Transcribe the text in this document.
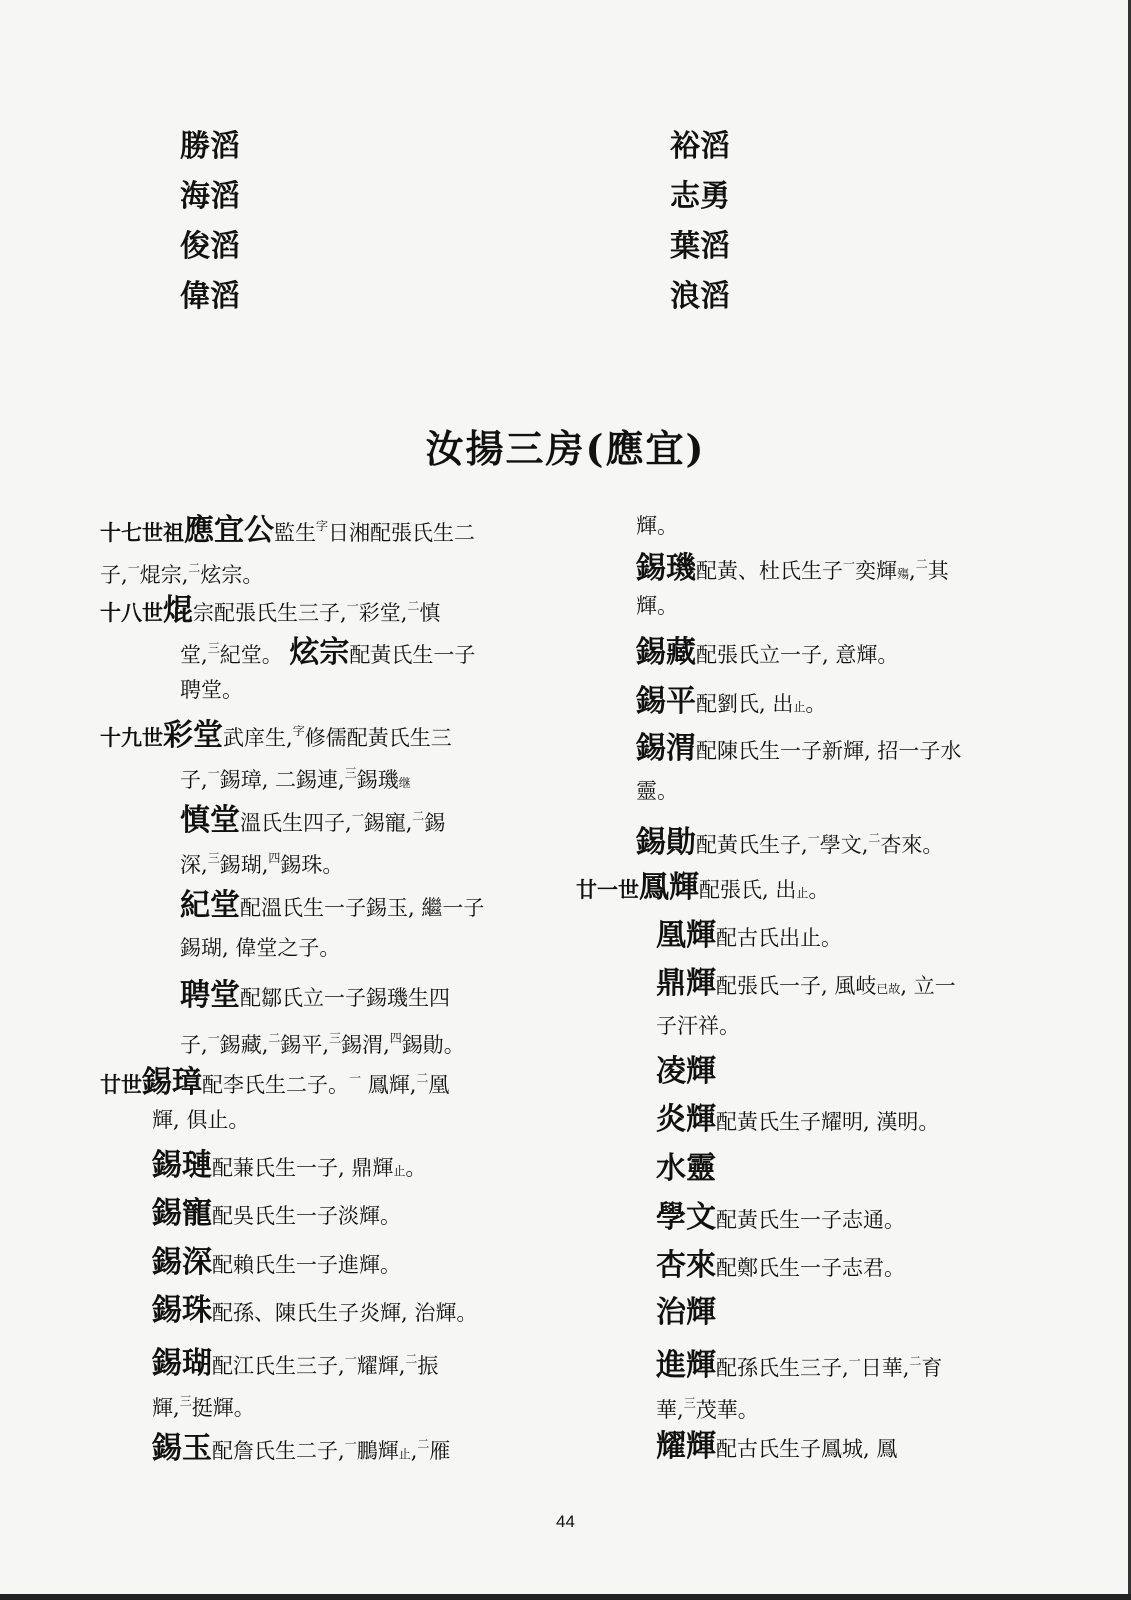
勝滔
海滔
俊滔
偉滔
裕滔
志勇
葉滔
浪滔
汝揚三房(應宜)
十七世祖應宜公監生$^字$日湘配張氏生二
子,$^一$焜宗,$^二$炫宗。
十八世焜宗配張氏生三子,$^一$彩堂,$^二$慎
堂,$^三$紀堂。 炫宗配黃氏生一子
聘堂。
十九世彩堂武庠生,$^字$修儒配黃氏生三
子,$^一$錫璋, 二錫連,$^三$錫璣继
慎堂溫氏生四子,$^一$錫寵,$^二$錫
深,$^三$錫瑚,$^四$錫珠。
紀堂配溫氏生一子錫玉, 繼一子
錫瑚, 偉堂之子。
聘堂配鄒氏立一子錫璣生四
子,$^一$錫藏,$^二$錫平,$^三$錫渭,$^四$錫勛。
廿世錫璋配李氏生二子。$^一$ 鳳輝,$^二$凰
輝, 俱止。
錫璉配蒹氏生一子, 鼎輝止。
錫寵配吳氏生一子淡輝。
錫深配賴氏生一子進輝。
錫珠配孫、陳氏生子炎輝, 治輝。
錫瑚配江氏生三子,$^一$耀輝,$^二$振
輝,$^三$挺輝。
錫玉配詹氏生二子,$^一$鵬輝止,$^二$雁
輝。
錫璣配黃、杜氏生子$^一$奕輝殤,$^二$其
輝。
錫藏配張氏立一子, 意輝。
錫平配劉氏, 出止。
錫渭配陳氏生一子新輝, 招一子水
靈。
錫勛配黃氏生子,$^一$學文,$^二$杏來。
廿一世鳳輝配張氏, 出止。
凰輝配古氏出止。
鼎輝配張氏一子, 風岐已故, 立一
子汗祥。
凌輝
炎輝配黃氏生子耀明, 漢明。
水靈
學文配黃氏生一子志通。
杏來配鄭氏生一子志君。
治輝
進輝配孫氏生三子,$^一$日華,$^二$育
華,$^三$茂華。
耀輝配古氏生子鳳城, 鳳
44
